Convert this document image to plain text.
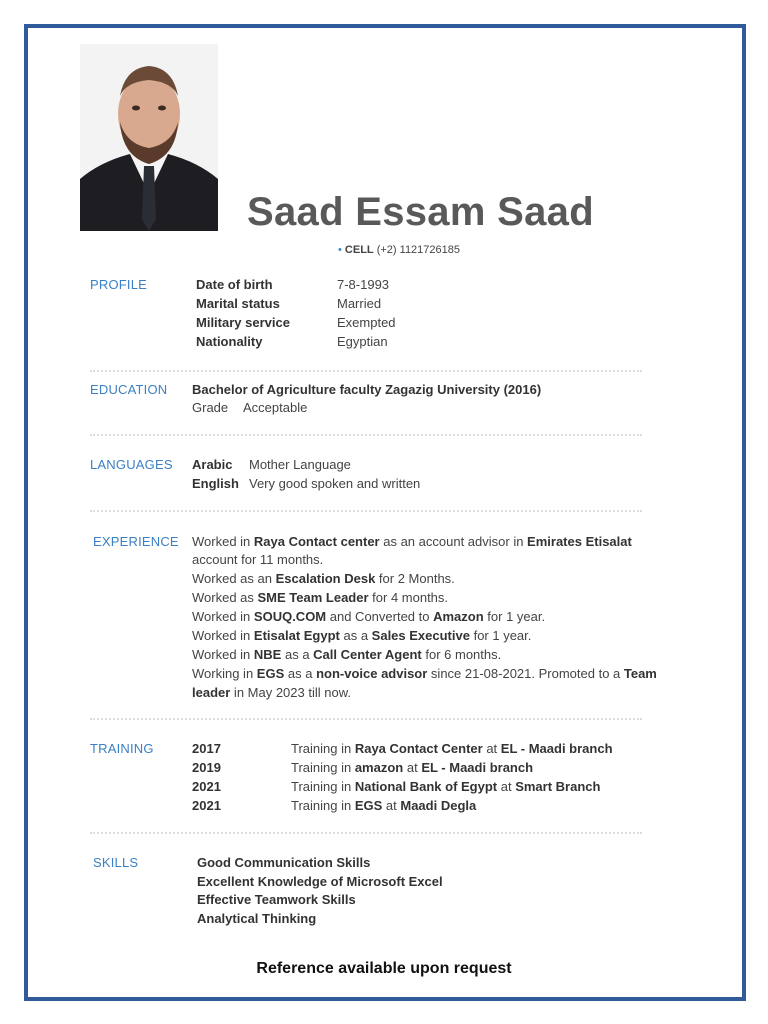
Saad Essam Saad
• CELL (+2) 1121726185
PROFILE	Date of birth	7-8-1993
Marital status	Married
Military service	Exempted
Nationality	Egyptian
EDUCATION Bachelor of Agriculture faculty Zagazig University (2016)
Grade Acceptable
LANGUAGES Arabic Mother Language
English Very good spoken and written
EXPERIENCE Worked in Raya Contact center as an account advisor in Emirates Etisalat
account for 11 months.
Worked as an Escalation Desk for 2 Months.
Worked as SME Team Leader for 4 months.
Worked in SOUQ.COM and Converted to Amazon for 1 year.
Worked in Etisalat Egypt as a Sales Executive for 1 year.
Worked in NBE as a Call Center Agent for 6 months.
Working in EGS as a non-voice advisor since 21-08-2021. Promoted to a Team
leader in May 2023 till now.
TRAINING	2017	Training in Raya Contact Center at EL - Maadi branch
2019	Training in amazon at EL - Maadi branch
2021	Training in National Bank of Egypt at Smart Branch
2021	Training in EGS at Maadi Degla
SKILLS	Good Communication Skills
Excellent Knowledge of Microsoft Excel
Effective Teamwork Skills
Analytical Thinking
Reference available upon request
